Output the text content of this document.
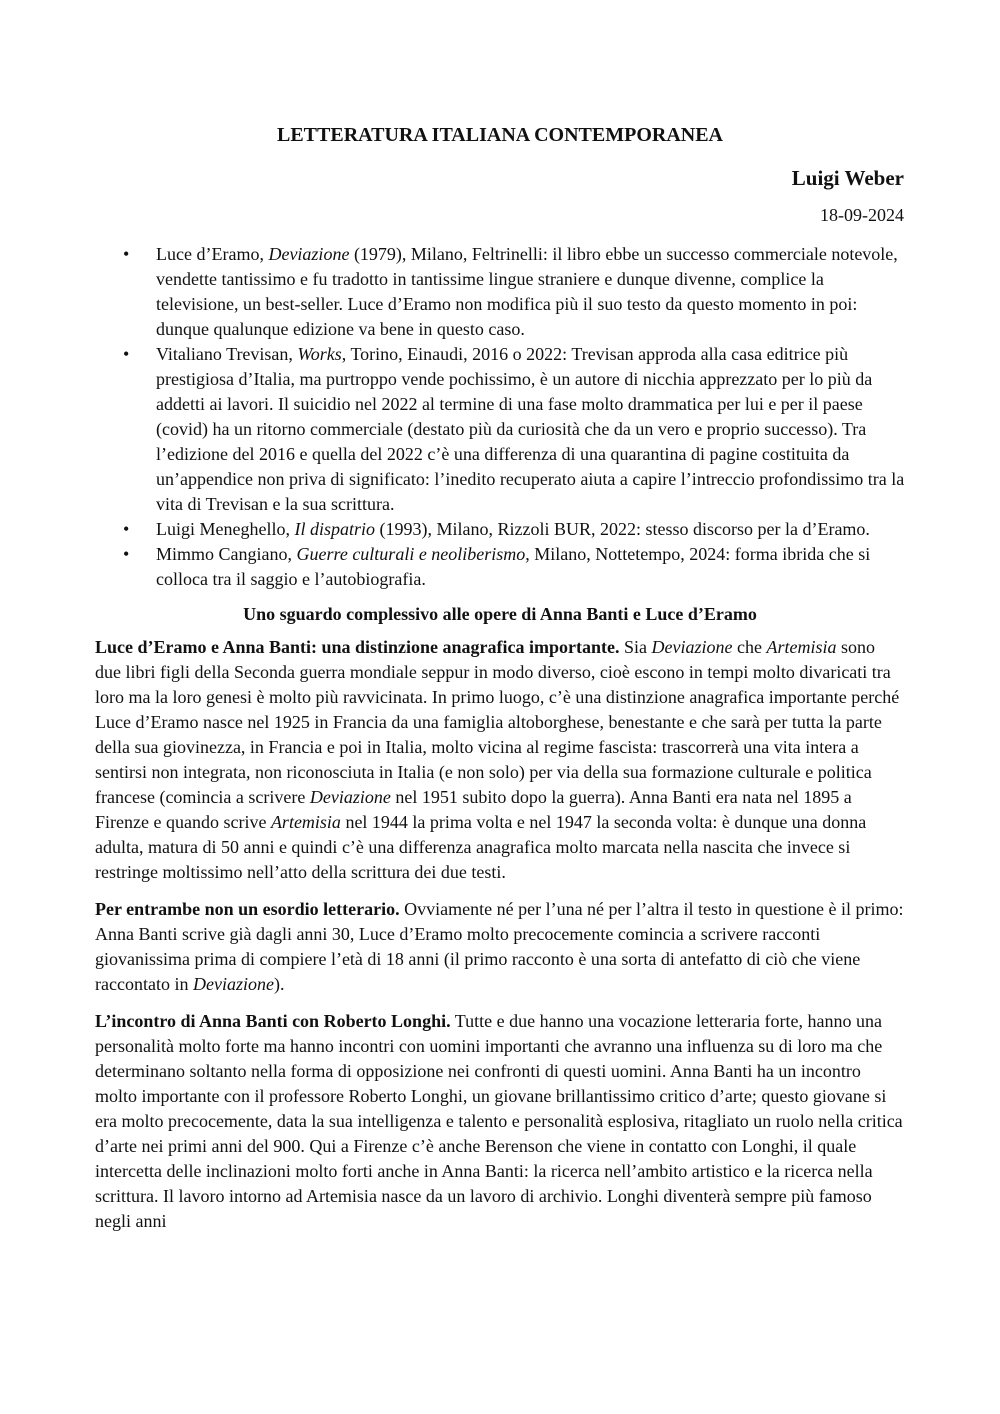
LETTERATURA ITALIANA CONTEMPORANEA
Luigi Weber
18-09-2024
• Luce d’Eramo, Deviazione (1979), Milano, Feltrinelli: il libro ebbe un successo commerciale notevole, vendette tantissimo e fu tradotto in tantissime lingue straniere e dunque divenne, complice la televisione, un best-seller. Luce d’Eramo non modifica più il suo testo da questo momento in poi: dunque qualunque edizione va bene in questo caso.
• Vitaliano Trevisan, Works, Torino, Einaudi, 2016 o 2022: Trevisan approda alla casa editrice più prestigiosa d’Italia, ma purtroppo vende pochissimo, è un autore di nicchia apprezzato per lo più da addetti ai lavori. Il suicidio nel 2022 al termine di una fase molto drammatica per lui e per il paese (covid) ha un ritorno commerciale (destato più da curiosità che da un vero e proprio successo). Tra l’edizione del 2016 e quella del 2022 c’è una differenza di una quarantina di pagine costituita da un’appendice non priva di significato: l’inedito recuperato aiuta a capire l’intreccio profondissimo tra la vita di Trevisan e la sua scrittura.
• Luigi Meneghello, Il dispatrio (1993), Milano, Rizzoli BUR, 2022: stesso discorso per la d’Eramo.
• Mimmo Cangiano, Guerre culturali e neoliberismo, Milano, Nottetempo, 2024: forma ibrida che si colloca tra il saggio e l’autobiografia.
Uno sguardo complessivo alle opere di Anna Banti e Luce d’Eramo

Luce d’Eramo e Anna Banti: una distinzione anagrafica importante. Sia Deviazione che Artemisia sono due libri figli della Seconda guerra mondiale seppur in modo diverso, cioè escono in tempi molto divaricati tra loro ma la loro genesi è molto più ravvicinata. In primo luogo, c’è una distinzione anagrafica importante perché Luce d’Eramo nasce nel 1925 in Francia da una famiglia altoborghese, benestante e che sarà per tutta la parte della sua giovinezza, in Francia e poi in Italia, molto vicina al regime fascista: trascorrerà una vita intera a sentirsi non integrata, non riconosciuta in Italia (e non solo) per via della sua formazione culturale e politica francese (comincia a scrivere Deviazione nel 1951 subito dopo la guerra). Anna Banti era nata nel 1895 a Firenze e quando scrive Artemisia nel 1944 la prima volta e nel 1947 la seconda volta: è dunque una donna adulta, matura di 50 anni e quindi c’è una differenza anagrafica molto marcata nella nascita che invece si restringe moltissimo nell’atto della scrittura dei due testi.

Per entrambe non un esordio letterario. Ovviamente né per l’una né per l’altra il testo in questione è il primo: Anna Banti scrive già dagli anni 30, Luce d’Eramo molto precocemente comincia a scrivere racconti giovanissima prima di compiere l’età di 18 anni (il primo racconto è una sorta di antefatto di ciò che viene raccontato in Deviazione).

L’incontro di Anna Banti con Roberto Longhi. Tutte e due hanno una vocazione letteraria forte, hanno una personalità molto forte ma hanno incontri con uomini importanti che avranno una influenza su di loro ma che determinano soltanto nella forma di opposizione nei confronti di questi uomini. Anna Banti ha un incontro molto importante con il professore Roberto Longhi, un giovane brillantissimo critico d’arte; questo giovane si era molto precocemente, data la sua intelligenza e talento e personalità esplosiva, ritagliato un ruolo nella critica d’arte nei primi anni del 900. Qui a Firenze c’è anche Berenson che viene in contatto con Longhi, il quale intercetta delle inclinazioni molto forti anche in Anna Banti: la ricerca nell’ambito artistico e la ricerca nella scrittura. Il lavoro intorno ad Artemisia nasce da un lavoro di archivio. Longhi diventerà sempre più famoso negli anni
